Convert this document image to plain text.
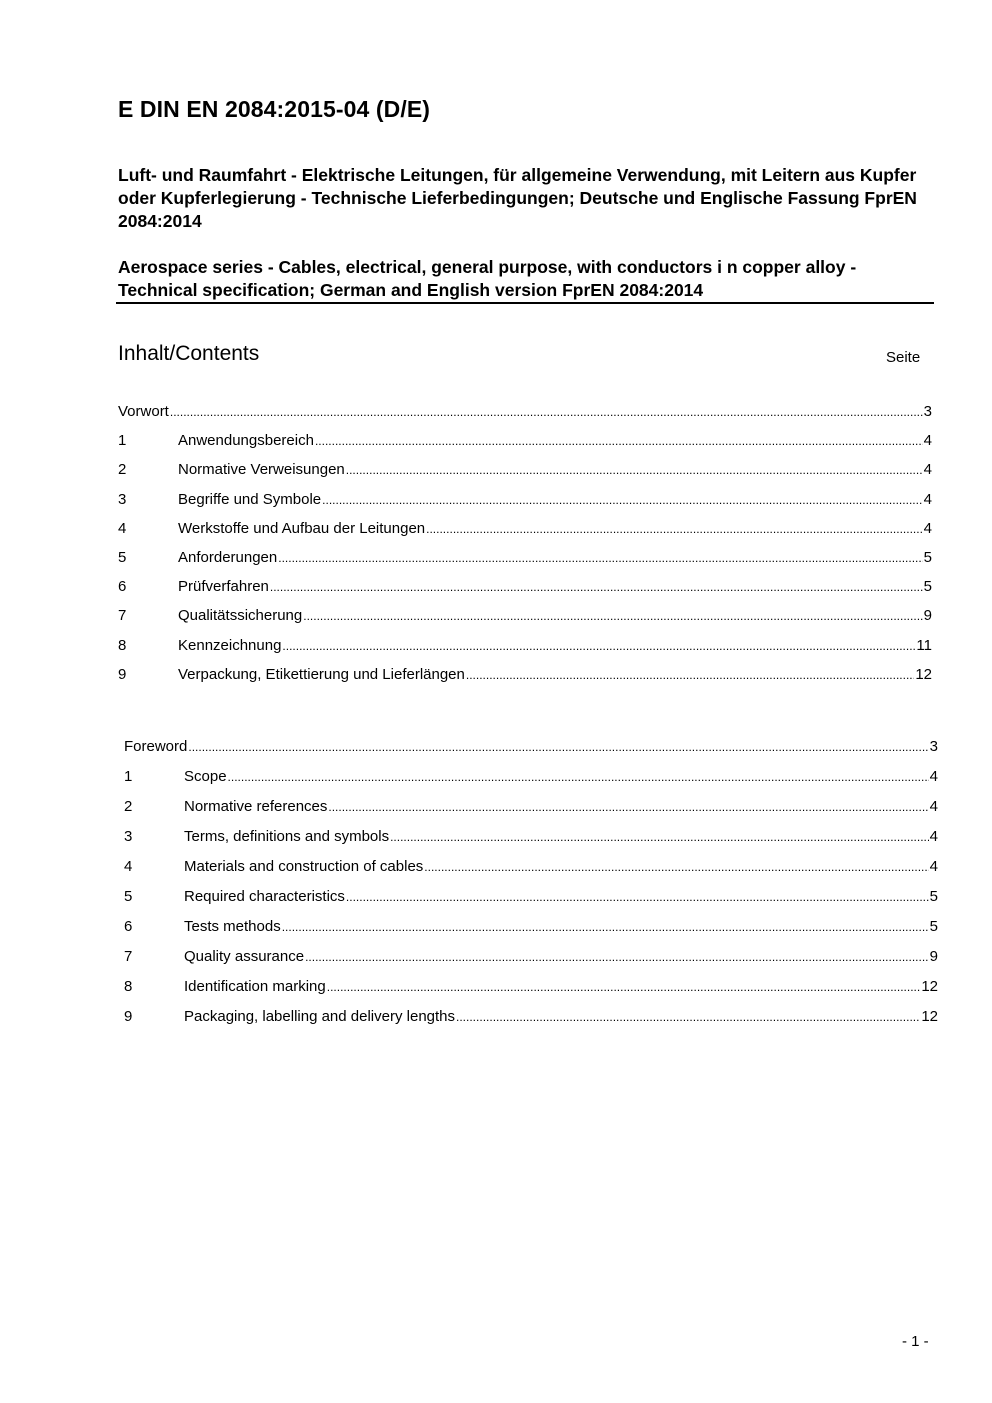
E DIN EN 2084:2015-04 (D/E)
Luft- und Raumfahrt - Elektrische Leitungen, für allgemeine Verwendung, mit Leitern aus Kupfer oder Kupferlegierung - Technische Lieferbedingungen; Deutsche und Englische Fassung FprEN 2084:2014
Aerospace series - Cables, electrical, general purpose, with conductors i n copper alloy - Technical specification; German and English version FprEN 2084:2014
Inhalt/Contents	Seite
Vorwort .....	3
1	Anwendungsbereich .....	4
2	Normative Verweisungen .....	4
3	Begriffe und Symbole .....	4
4	Werkstoffe und Aufbau der Leitungen .....	4
5	Anforderungen .....	5
6	Prüfverfahren .....	5
7	Qualitätssicherung .....	9
8	Kennzeichnung .....	11
9	Verpackung, Etikettierung und Lieferlängen .....	12
Foreword .....	3
1	Scope .....	4
2	Normative references .....	4
3	Terms, definitions and symbols .....	4
4	Materials and construction of cables .....	4
5	Required characteristics .....	5
6	Tests methods .....	5
7	Quality assurance .....	9
8	Identification marking .....	12
9	Packaging, labelling and delivery lengths .....	12
- 1 -
